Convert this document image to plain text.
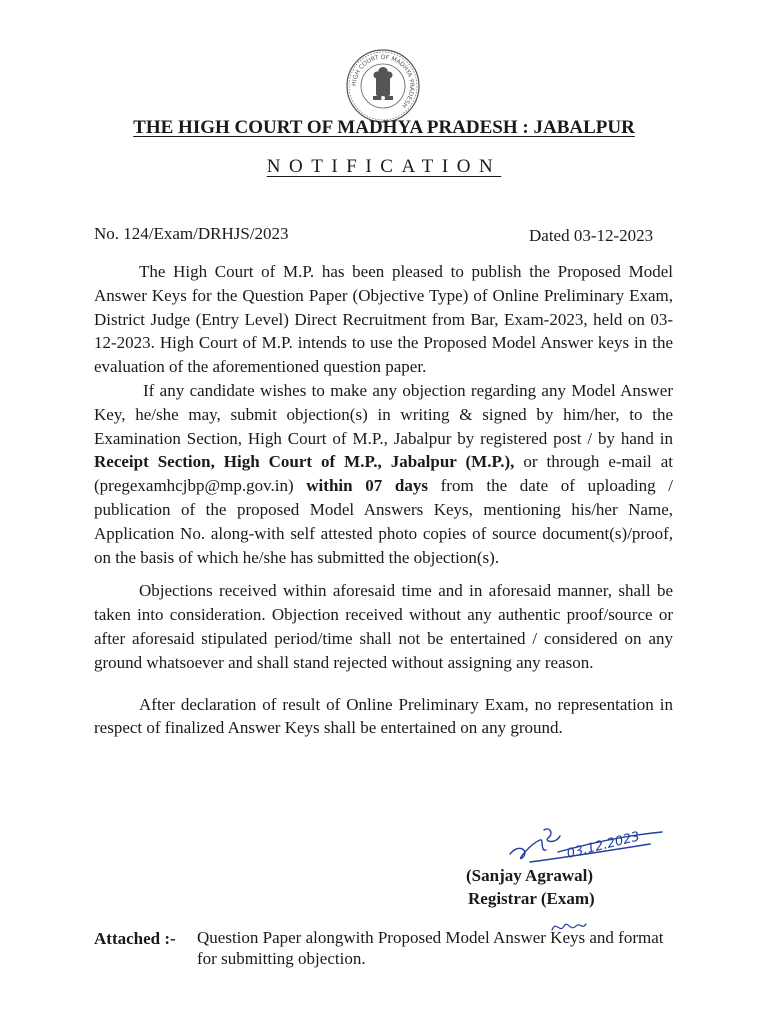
HIGH COURT OF MADHYA PRADESH
THE HIGH COURT OF MADHYA PRADESH : JABALPUR
NOTIFICATION
No. 124/Exam/DRHJS/2023	Dated 03-12-2023

The High Court of M.P. has been pleased to publish the Proposed Model Answer Keys for the Question Paper (Objective Type) of Online Preliminary Exam, District Judge (Entry Level) Direct Recruitment from Bar, Exam-2023, held on 03-12-2023. High Court of M.P. intends to use the Proposed Model Answer keys in the evaluation of the aforementioned question paper.

If any candidate wishes to make any objection regarding any Model Answer Key, he/she may, submit objection(s) in writing & signed by him/her, to the Examination Section, High Court of M.P., Jabalpur by registered post / by hand in Receipt Section, High Court of M.P., Jabalpur (M.P.), or through e-mail at (pregexamhcjbp@mp.gov.in) within 07 days from the date of uploading / publication of the proposed Model Answers Keys, mentioning his/her Name, Application No. along-with self attested photo copies of source document(s)/proof, on the basis of which he/she has submitted the objection(s).

Objections received within aforesaid time and in aforesaid manner, shall be taken into consideration. Objection received without any authentic proof/source or after aforesaid stipulated period/time shall not be entertained / considered on any ground whatsoever and shall stand rejected without assigning any reason.

After declaration of result of Online Preliminary Exam, no representation in respect of finalized Answer Keys shall be entertained on any ground.

03.12.2023
(Sanjay Agrawal)
Registrar (Exam)
Attached :- Question Paper alongwith Proposed Model Answer Keys and format for submitting objection.
